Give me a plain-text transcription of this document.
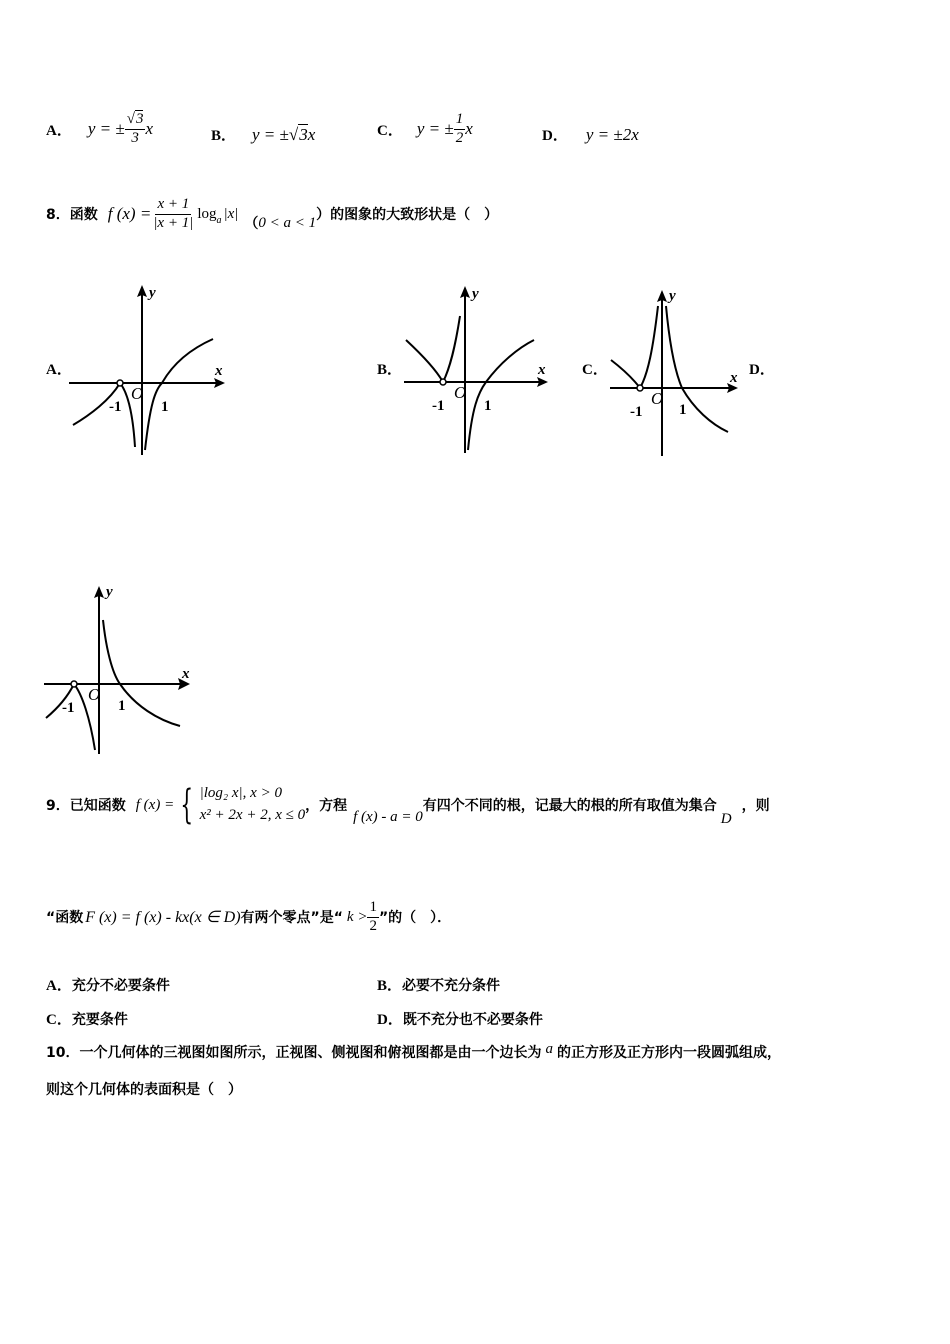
A． y = ± $\frac{√3}{3}$ x	B． y = ± √3 x	C． y = ± $\frac{1}{2}$ x	D． y = ±2x
8．函数 f $(x) = \frac{x + 1}{|x + 1|}$ log a |x|
（ 0 < a < 1 ）的图象的大致形状是（　）
A．	B．	C．	D．
x
y
-1	1
O
x
y
-1	1
O
x
y
-1 1
O
x
y
-1	1
O
9．已知函数 f (x) = { |log₂ x|, x > 0
x² + 2x + 2, x ≤ 0
，方程
f (x) - a = 0
有四个不同的根，记最大的根的所有取值为集合
D
，则
“函数 F (x) = f (x) - kx(x ∈ D) 有两个零点”是“ $k > \frac{1}{2}$ ”的（　）．
A．充分不必要条件	B．必要不充分条件
C．充要条件	D．既不充分也不必要条件
10．一个几何体的三视图如图所示，正视图、侧视图和俯视图都是由一个边长为 a 的正方形及正方形内一段圆弧组成，
则这个几何体的表面积是（　）
